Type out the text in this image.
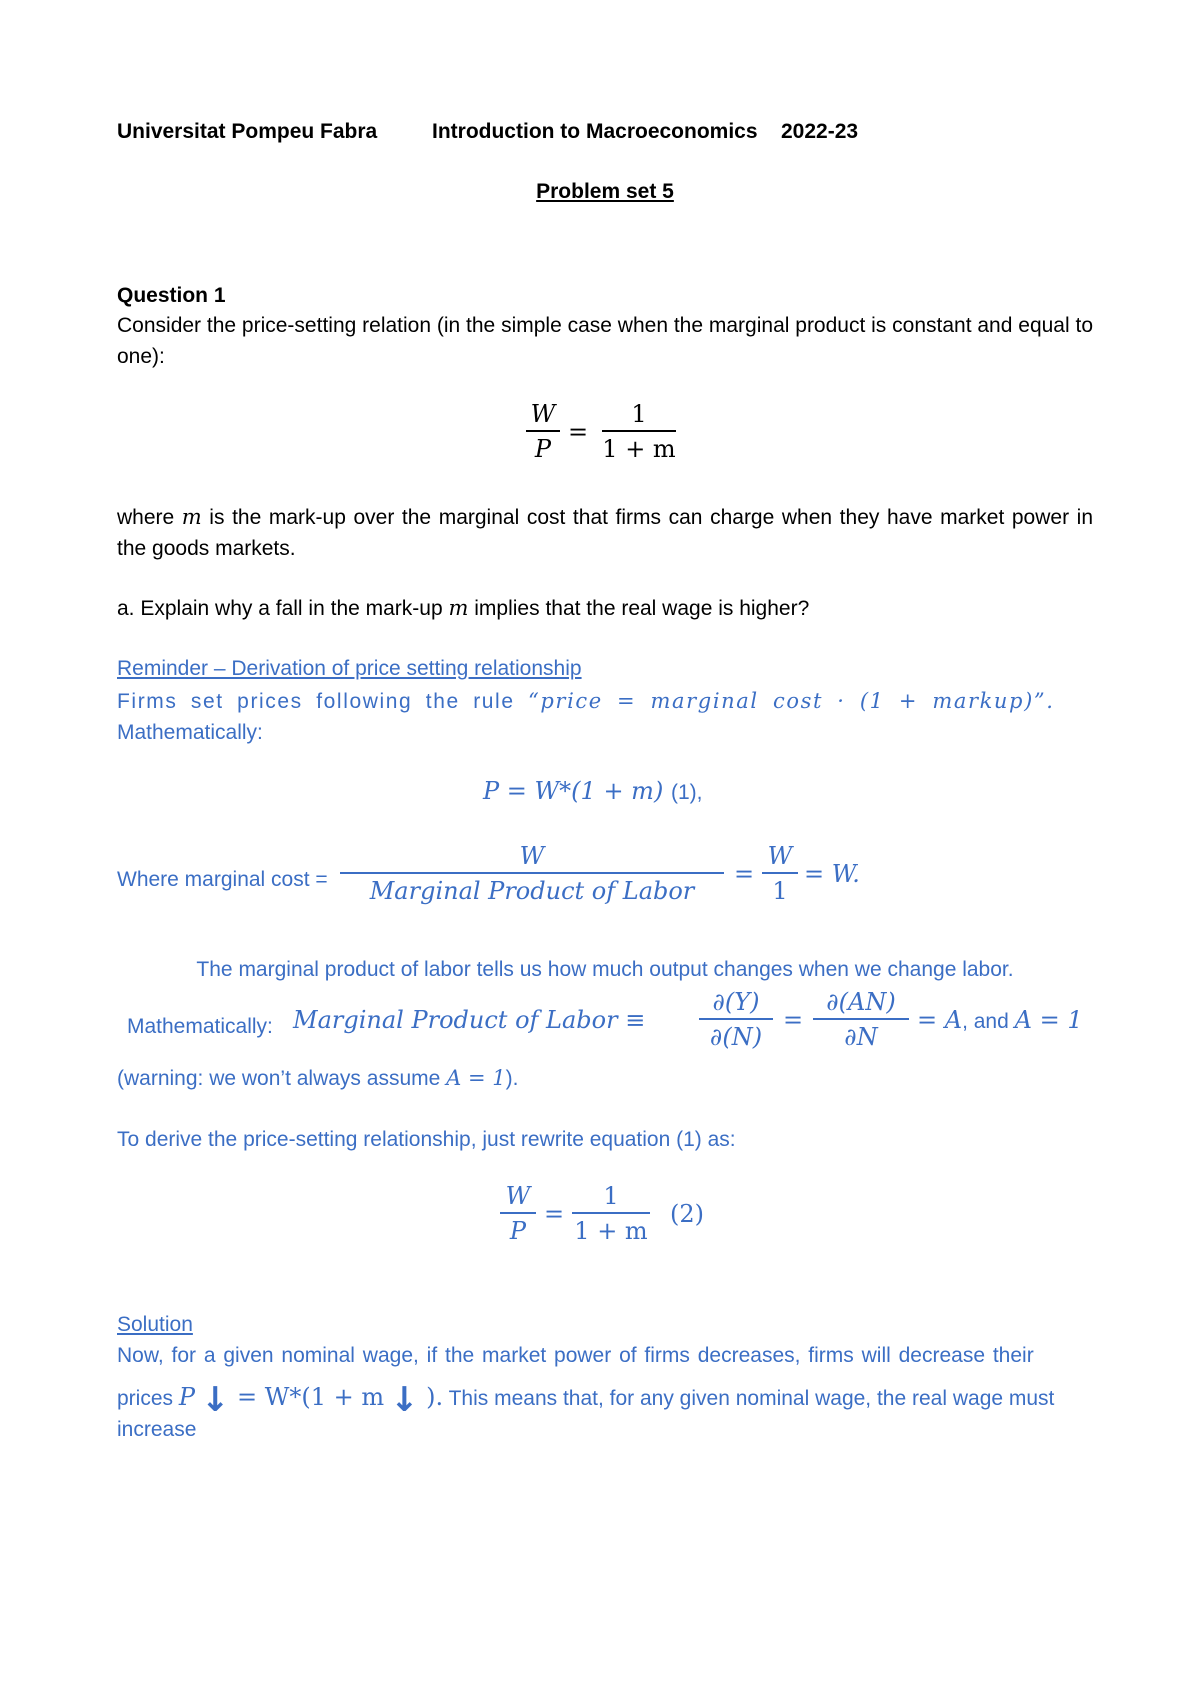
Universitat Pompeu Fabra	Introduction to Macroeconomics	2022-23
Problem set 5
Question 1
Consider the price-setting relation (in the simple case when the marginal product is constant and equal to one):
W
P
=
1
1 + m
where m is the mark-up over the marginal cost that firms can charge when they have market power in the goods markets.
a. Explain why a fall in the mark-up m implies that the real wage is higher?
Reminder – Derivation of price setting relationship
Firms set prices following the rule “price = marginal cost · (1 + markup)”.
Mathematically:
P = W*(1 + m) (1),
Where marginal cost =
W
Marginal Product of Labor
=
W
1
= W.
The marginal product of labor tells us how much output changes when we change labor.
Mathematically: Marginal Product of Labor ≡
∂(Y)
∂(N)
=
∂(AN)
∂N
= A, and A = 1
(warning: we won’t always assume A = 1).
To derive the price-setting relationship, just rewrite equation (1) as:
W
P
=
1
1 + m
(2)
Solution
Now, for a given nominal wage, if the market power of firms decreases, firms will decrease their
prices P ↓ = W*(1 + m ↓ ). This means that, for any given nominal wage, the real wage must
increase
